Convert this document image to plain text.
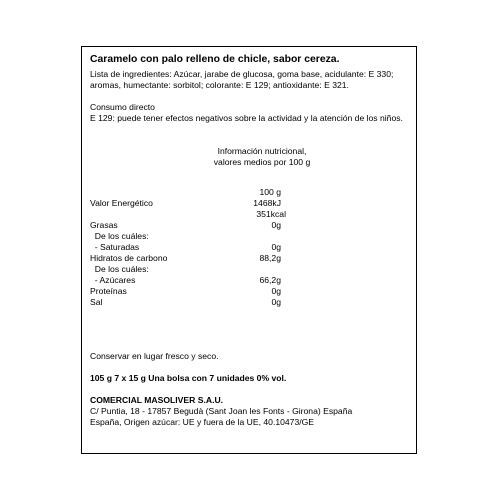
Caramelo con palo relleno de chicle, sabor cereza.
Lista de ingredientes: Azúcar, jarabe de glucosa, goma base, acidulante: E 330;
aromas, humectante: sorbitol; colorante: E 129; antioxidante: E 321.
Consumo directo
E 129: puede tener efectos negativos sobre la actividad y la atención de los niños.
Información nutricional,
valores medios por 100 g
100 g
Valor Energético	1468kJ
351kcal
Grasas	0g
De los cuáles:
- Saturadas	0g
Hidratos de carbono	88,2g
De los cuáles:
- Azúcares	66,2g
Proteínas	0g
Sal	0g
Conservar en lugar fresco y seco.
105 g 7 x 15 g Una bolsa con 7 unidades 0% vol.
COMERCIAL MASOLIVER S.A.U.
C/ Puntia, 18 - 17857 Begudà (Sant Joan les Fonts - Girona) España
España, Origen azúcar: UE y fuera de la UE, 40.10473/GE
